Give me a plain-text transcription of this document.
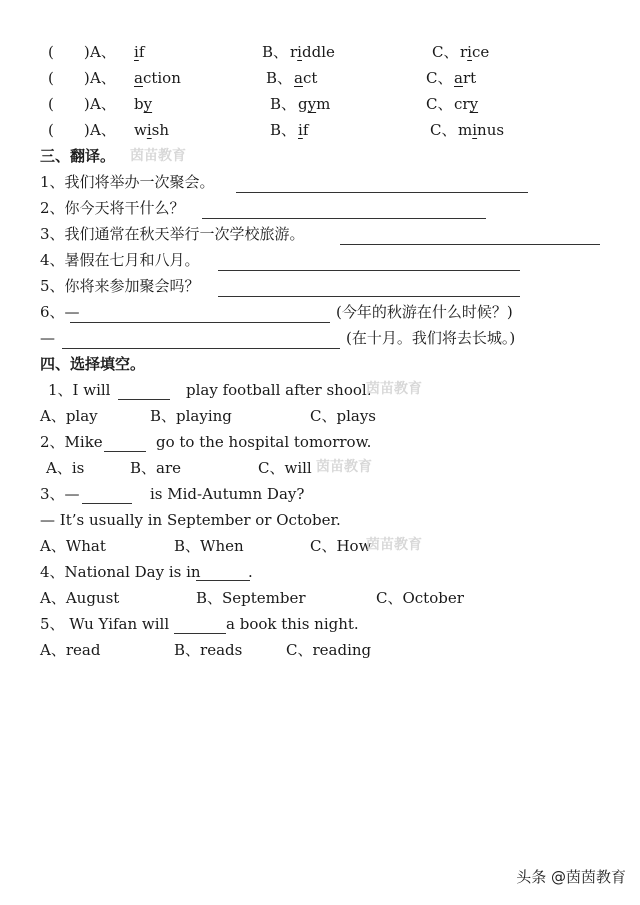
(　　) A、 if	B、 riddle	C、 rice
(　　) A、 action	B、 act	C、 art
(　　) A、 by	B、 gym	C、 cry
(　　) A、 wish	B、 if	C、 minus
三、翻译。 茵苗教育
1、我们将举办一次聚会。
2、你今天将干什么？
3、我们通常在秋天举行一次学校旅游。
4、暑假在七月和八月。
5、你将来参加聚会吗？
6、—	(今年的秋游在什么时候？)
—	(在十月。我们将去长城。)
四、选择填空。
1、I will	play football after shool.
茵苗教育
A、play	B、playing	C、plays
2、Mike	go to the hospital tomorrow.
A、is	B、are	C、will 茵苗教育
3、—	is Mid-Autumn Day?
— It’s usually in September or October.
A、What	B、When	C、How
茵苗教育
4、National Day is in	.
A、August	B、September	C、October
5、 Wu Yifan will	a book this night.
A、read	B、reads	C、reading
头条 @茵茵教育
